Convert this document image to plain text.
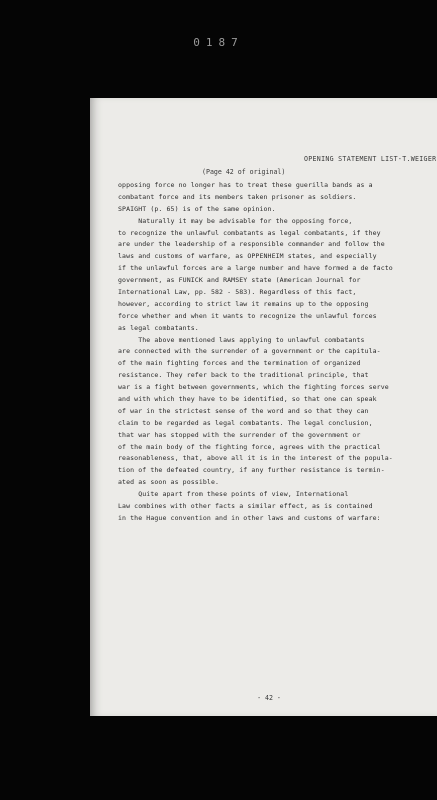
0187
OPENING STATEMENT LIST-T.WEIGER
(Page 42 of original)
opposing force no longer has to treat these guerilla bands as a
combatant force and its members taken prisoner as soldiers.
SPAIGHT (p. 65) is of the same opinion.
Naturally it may be advisable for the opposing force,
to recognize the unlawful combatants as legal combatants, if they
are under the leadership of a responsible commander and follow the
laws and customs of warfare, as OPPENHEIM states, and especially
if the unlawful forces are a large number and have formed a de facto
government, as FUNICK and RAMSEY state (American Journal for
International Law, pp. 582 - 583). Regardless of this fact,
however, according to strict law it remains up to the opposing
force whether and when it wants to recognize the unlawful forces
as legal combatants.
The above mentioned laws applying to unlawful combatants
are connected with the surrender of a government or the capitula-
of the main fighting forces and the termination of organized
resistance. They refer back to the traditional principle, that
war is a fight between governments, which the fighting forces serve
and with which they have to be identified, so that one can speak
of war in the strictest sense of the word and so that they can
claim to be regarded as legal combatants. The legal conclusion,
that war has stopped with the surrender of the government or
of the main body of the fighting force, agrees with the practical
reasonableness, that, above all it is in the interest of the popula-
tion of the defeated country, if any further resistance is termin-
ated as soon as possible.
Quite apart from these points of view, International
Law combines with other facts a similar effect, as is contained
in the Hague convention and in other laws and customs of warfare:
- 42 -
